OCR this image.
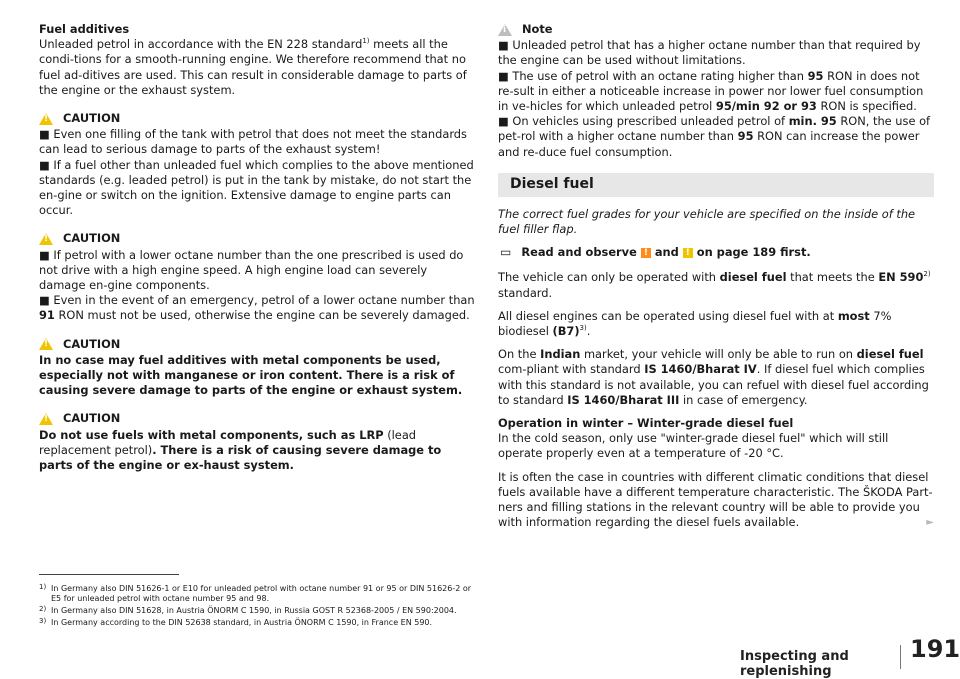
Fuel additives

Unleaded petrol in accordance with the EN 228 standard$^{1)}$ meets all the condi-tions for a smooth-running engine. We therefore recommend that no fuel ad-ditives are used. This can result in considerable damage to parts of the engine or the exhaust system.

!
CAUTION

■ Even one filling of the tank with petrol that does not meet the standards can lead to serious damage to parts of the exhaust system!

■ If a fuel other than unleaded fuel which complies to the above mentioned standards (e.g. leaded petrol) is put in the tank by mistake, do not start the en-gine or switch on the ignition. Extensive damage to engine parts can occur.

!
CAUTION

■ If petrol with a lower octane number than the one prescribed is used do not drive with a high engine speed. A high engine load can severely damage en-gine components.

■ Even in the event of an emergency, petrol of a lower octane number than 91 RON must not be used, otherwise the engine can be severely damaged.

!
CAUTION

In no case may fuel additives with metal components be used, especially not with manganese or iron content. There is a risk of causing severe damage to parts of the engine or exhaust system.

!
CAUTION

Do not use fuels with metal components, such as LRP (lead replacement petrol). There is a risk of causing severe damage to parts of the engine or ex-haust system.

i
Note

■ Unleaded petrol that has a higher octane number than that required by the engine can be used without limitations.

■ The use of petrol with an octane rating higher than 95 RON in does not re-sult in either a noticeable increase in power nor lower fuel consumption in ve-hicles for which unleaded petrol 95/min 92 or 93 RON is specified.

■ On vehicles using prescribed unleaded petrol of min. 95 RON, the use of pet-rol with a higher octane number than 95 RON can increase the power and re-duce fuel consumption.

Diesel fuel

The correct fuel grades for your vehicle are specified on the inside of the fuel filler flap.

▭ Read and observe ! and ! on page 189 first.

The vehicle can only be operated with diesel fuel that meets the EN 590$^{2)}$ standard.

All diesel engines can be operated using diesel fuel with at most 7% biodiesel $(B7)^{3)}$.

On the Indian market, your vehicle will only be able to run on diesel fuel com-pliant with standard IS 1460/Bharat IV. If diesel fuel which complies with this standard is not available, you can refuel with diesel fuel according to standard IS 1460/Bharat III in case of emergency.

Operation in winter – Winter-grade diesel fuel
In the cold season, only use "winter-grade diesel fuel" which will still operate properly even at a temperature of -20 °C.

It is often the case in countries with different climatic conditions that diesel fuels available have a different temperature characteristic. The ŠKODA Part-ners and filling stations in the relevant country will be able to provide you with information regarding the diesel fuels available.	►

1) In Germany also DIN 51626-1 or E10 for unleaded petrol with octane number 91 or 95 or DIN 51626-2 or E5 for unleaded petrol with octane number 95 and 98.
2) In Germany also DIN 51628, in Austria ÖNORM C 1590, in Russia GOST R 52368-2005 / EN 590:2004.
3) In Germany according to the DIN 52638 standard, in Austria ÖNORM C 1590, in France EN 590.
Inspecting and replenishing
191
